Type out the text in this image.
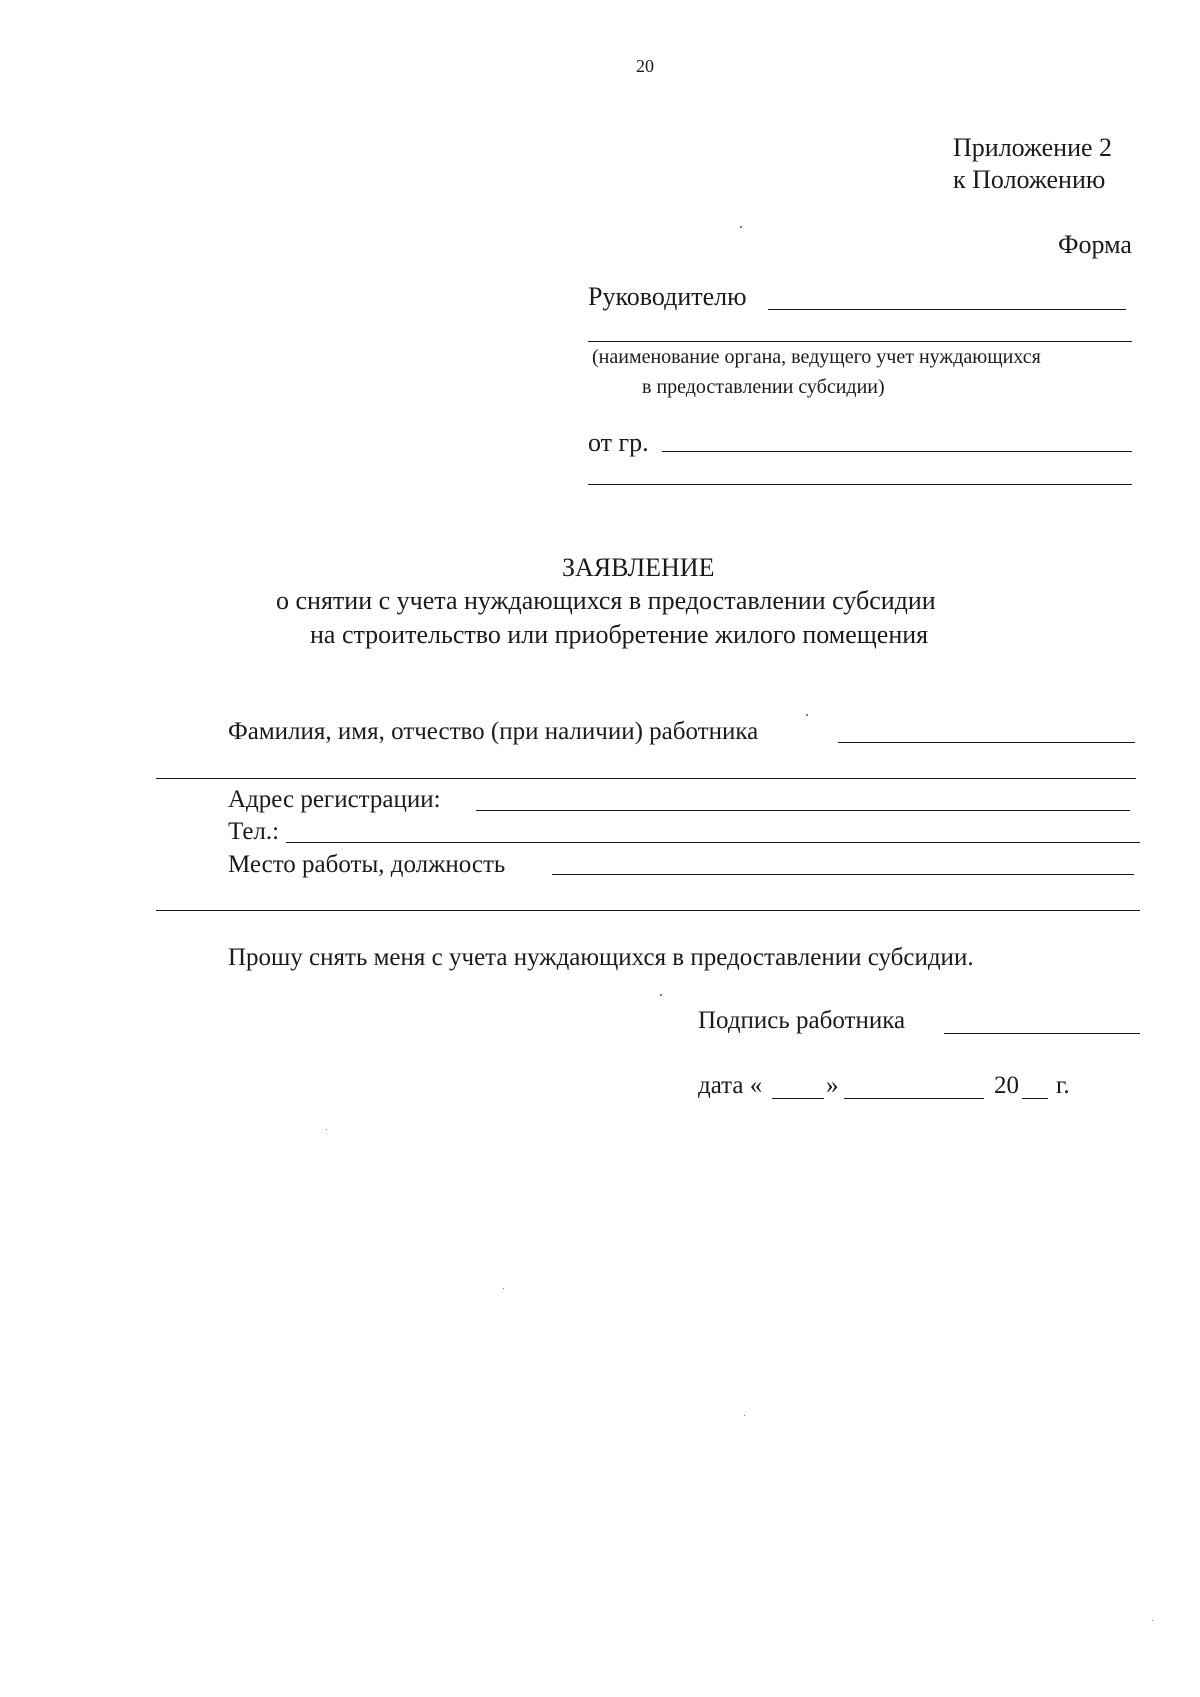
20
Приложение 2
к Положению
Форма
Руководителю
(наименование органа, ведущего учет нуждающихся
в предоставлении субсидии)
от гр.
ЗАЯВЛЕНИЕ
о снятии с учета нуждающихся в предоставлении субсидии
на строительство или приобретение жилого помещения
Фамилия, имя, отчество (при наличии) работника
Адрес регистрации:
Тел.:
Место работы, должность
Прошу снять меня с учета нуждающихся в предоставлении субсидии.
Подпись работника
дата «	»	20 г.
